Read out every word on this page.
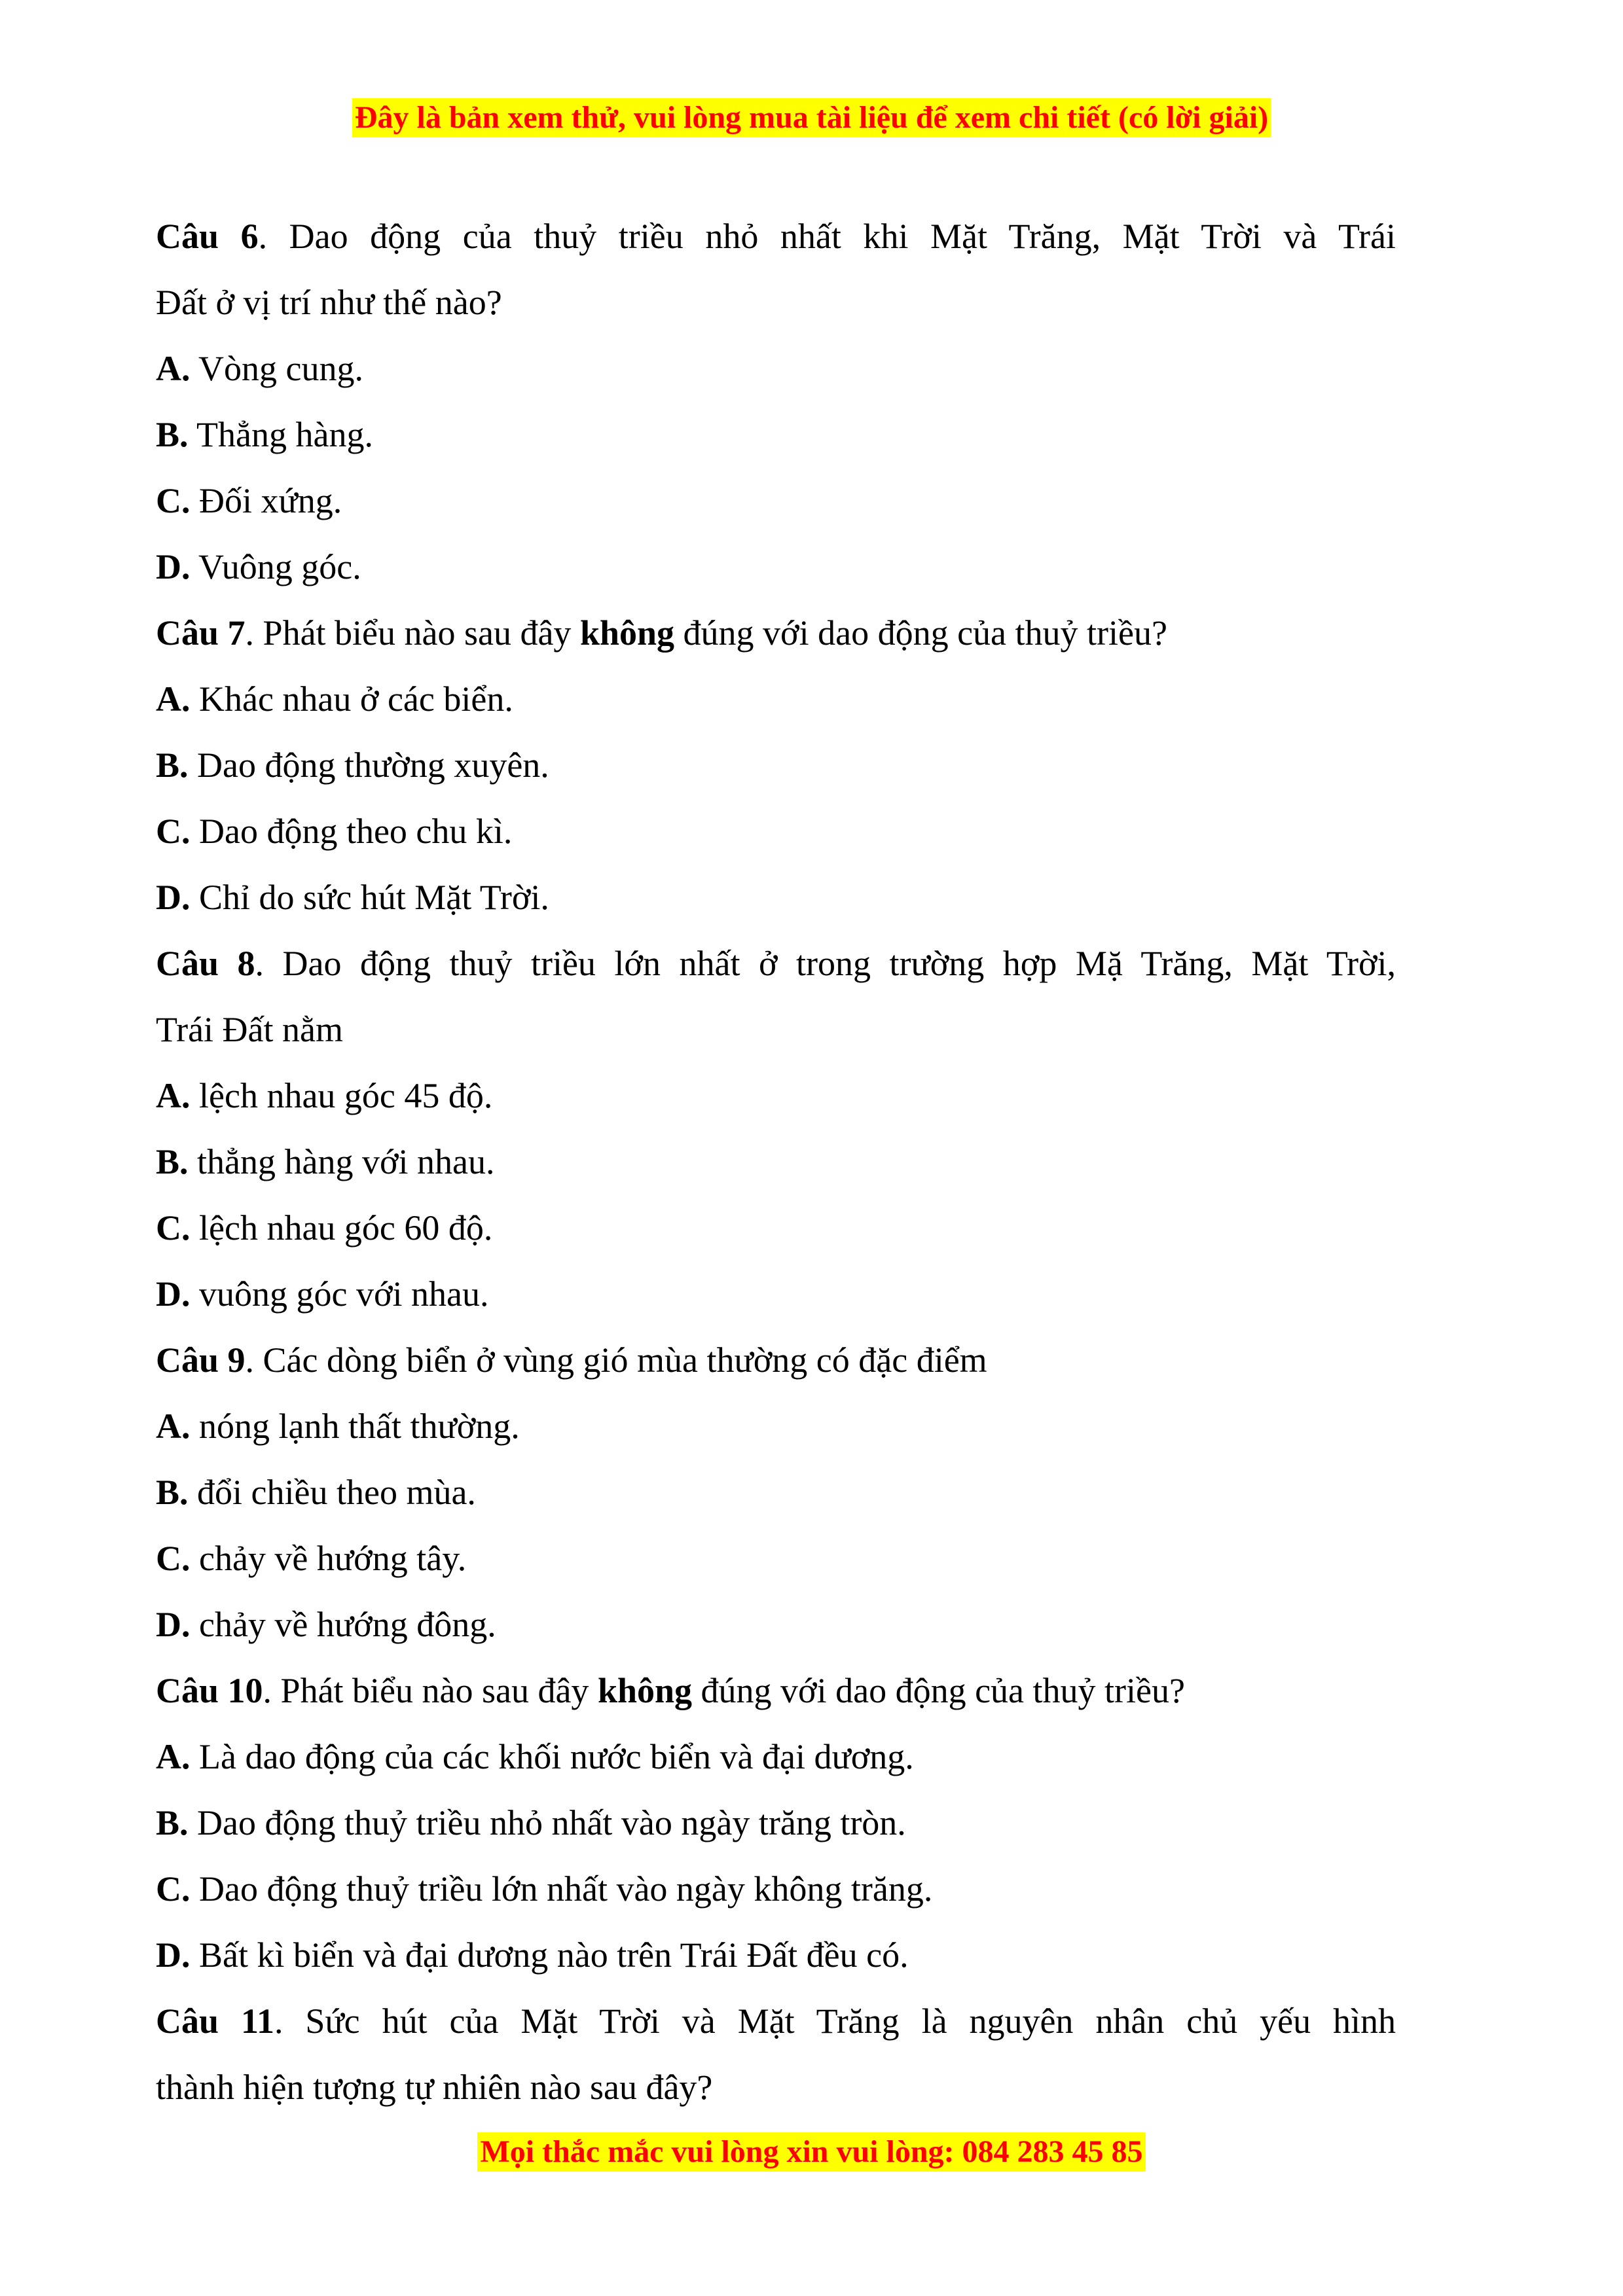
Đây là bản xem thử, vui lòng mua tài liệu để xem chi tiết (có lời giải)
Câu 6. Dao động của thuỷ triều nhỏ nhất khi Mặt Trăng, Mặt Trời và Trái
Đất ở vị trí như thế nào?
A. Vòng cung.
B. Thẳng hàng.
C. Đối xứng.
D. Vuông góc.
Câu 7. Phát biểu nào sau đây không đúng với dao động của thuỷ triều?
A. Khác nhau ở các biển.
B. Dao động thường xuyên.
C. Dao động theo chu kì.
D. Chỉ do sức hút Mặt Trời.
Câu 8. Dao động thuỷ triều lớn nhất ở trong trường hợp Mặ Trăng, Mặt Trời,
Trái Đất nằm
A. lệch nhau góc 45 độ.
B. thẳng hàng với nhau.
C. lệch nhau góc 60 độ.
D. vuông góc với nhau.
Câu 9. Các dòng biển ở vùng gió mùa thường có đặc điểm
A. nóng lạnh thất thường.
B. đổi chiều theo mùa.
C. chảy về hướng tây.
D. chảy về hướng đông.
Câu 10. Phát biểu nào sau đây không đúng với dao động của thuỷ triều?
A. Là dao động của các khối nước biển và đại dương.
B. Dao động thuỷ triều nhỏ nhất vào ngày trăng tròn.
C. Dao động thuỷ triều lớn nhất vào ngày không trăng.
D. Bất kì biển và đại dương nào trên Trái Đất đều có.
Câu 11. Sức hút của Mặt Trời và Mặt Trăng là nguyên nhân chủ yếu hình
thành hiện tượng tự nhiên nào sau đây?
Mọi thắc mắc vui lòng xin vui lòng: 084 283 45 85
